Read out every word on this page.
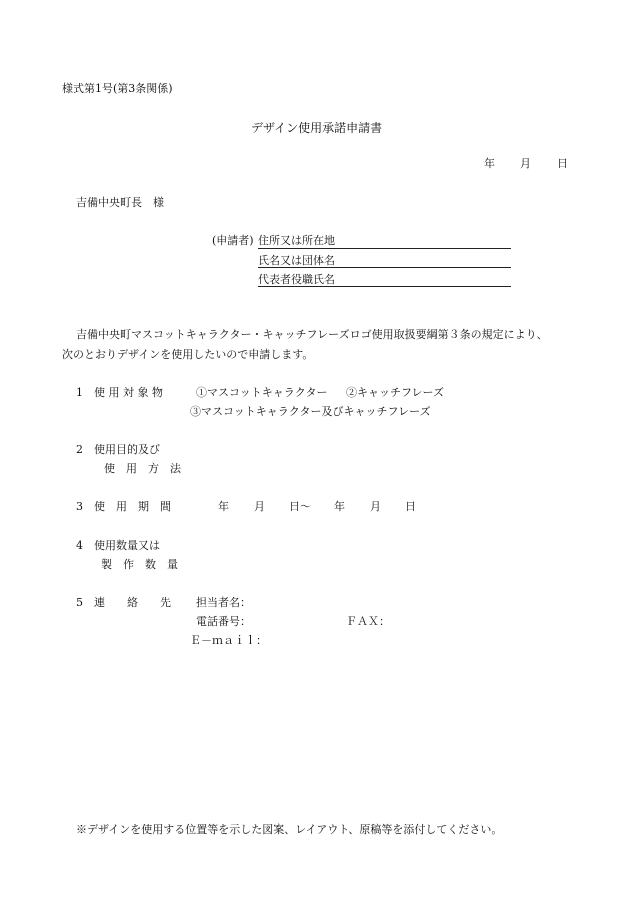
様式第1号(第3条関係)
デザイン使用承諾申請書
年 月 日
吉備中央町長　様
(申請者) 住所又は所在地
氏名又は団体名
代表者役職氏名
吉備中央町マスコットキャラクター・キャッチフレーズロゴ使用取扱要綱第３条の規定により、
次のとおりデザインを使用したいので申請します。
1　使 用 対 象 物	①マスコットキャラクター ②キャッチフレーズ
③マスコットキャラクター及びキャッチフレーズ
2　使用目的及び
使　用　方　法
3　使　用　期　間	年 月 日〜 年 月 日
4　使用数量又は
製　作　数　量
5　連　　絡　　先 担当者名：
電話番号：	ＦＡＸ：
Ｅ－ｍａｉｌ：
※デザインを使用する位置等を示した図案、レイアウト、原稿等を添付してください。
